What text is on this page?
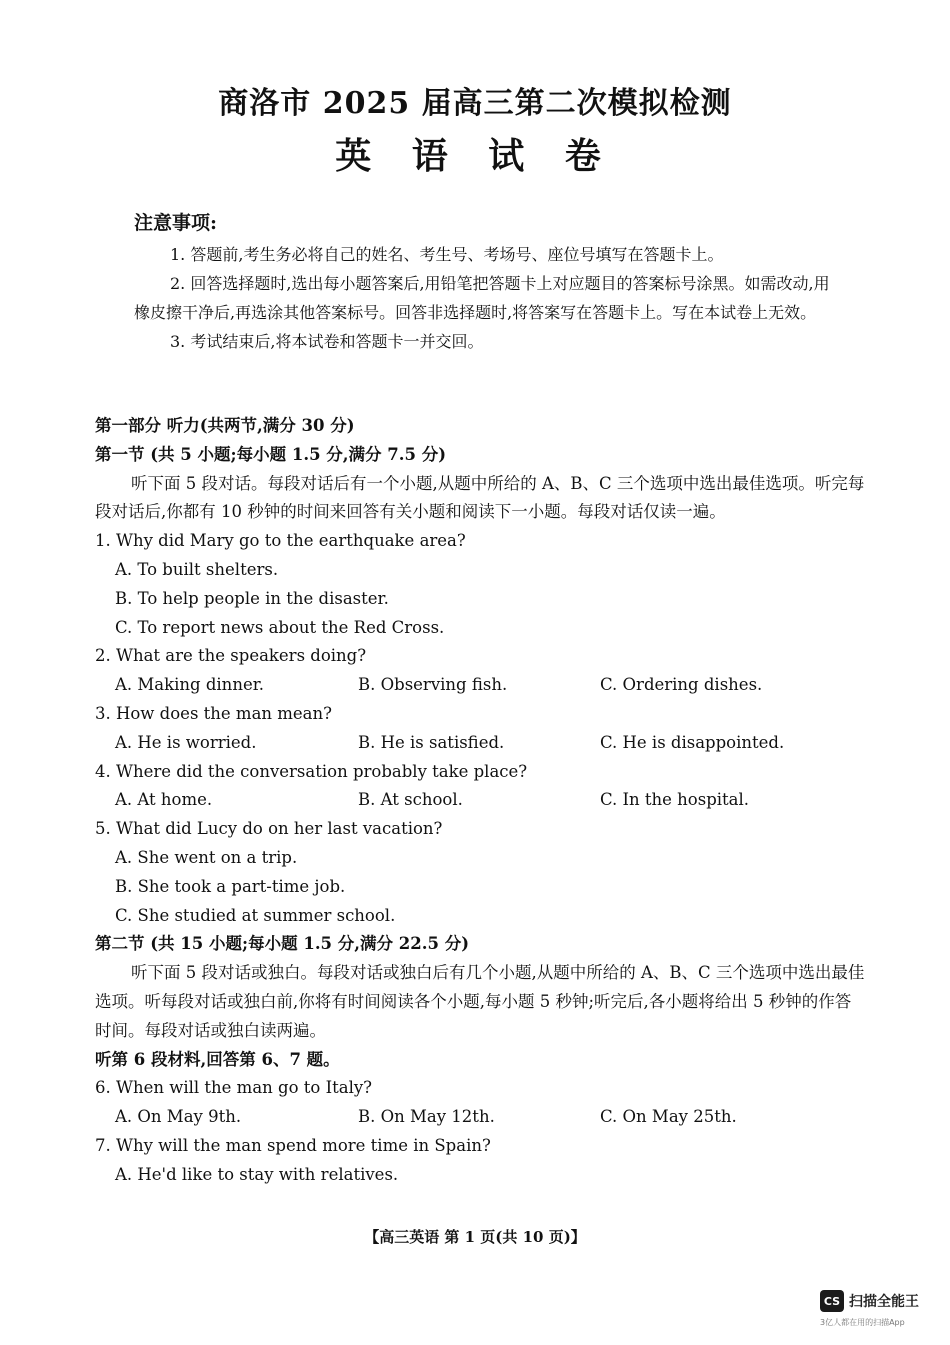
商洛市 2025 届高三第二次模拟检测
英 语 试 卷
注意事项:

1. 答题前,考生务必将自己的姓名、考生号、考场号、座位号填写在答题卡上。

2. 回答选择题时,选出每小题答案后,用铅笔把答题卡上对应题目的答案标号涂黑。如需改动,用橡皮擦干净后,再选涂其他答案标号。回答非选择题时,将答案写在答题卡上。写在本试卷上无效。

3. 考试结束后,将本试卷和答题卡一并交回。

第一部分 听力(共两节,满分 30 分)
第一节 (共 5 小题;每小题 1.5 分,满分 7.5 分)
听下面 5 段对话。每段对话后有一个小题,从题中所给的 A、B、C 三个选项中选出最佳选项。听完每段对话后,你都有 10 秒钟的时间来回答有关小题和阅读下一小题。每段对话仅读一遍。
1. Why did Mary go to the earthquake area?
A. To built shelters.
B. To help people in the disaster.
C. To report news about the Red Cross.
2. What are the speakers doing?
A. Making dinner.	B. Observing fish.	C. Ordering dishes.
3. How does the man mean?
A. He is worried.	B. He is satisfied.	C. He is disappointed.
4. Where did the conversation probably take place?
A. At home.	B. At school.	C. In the hospital.
5. What did Lucy do on her last vacation?
A. She went on a trip.
B. She took a part-time job.
C. She studied at summer school.
第二节 (共 15 小题;每小题 1.5 分,满分 22.5 分)
听下面 5 段对话或独白。每段对话或独白后有几个小题,从题中所给的 A、B、C 三个选项中选出最佳选项。听每段对话或独白前,你将有时间阅读各个小题,每小题 5 秒钟;听完后,各小题将给出 5 秒钟的作答时间。每段对话或独白读两遍。
听第 6 段材料,回答第 6、7 题。
6. When will the man go to Italy?
A. On May 9th.	B. On May 12th.	C. On May 25th.
7. Why will the man spend more time in Spain?
A. He'd like to stay with relatives.
【高三英语 第 1 页(共 10 页)】
CS 扫描全能王
3亿人都在用的扫描App
